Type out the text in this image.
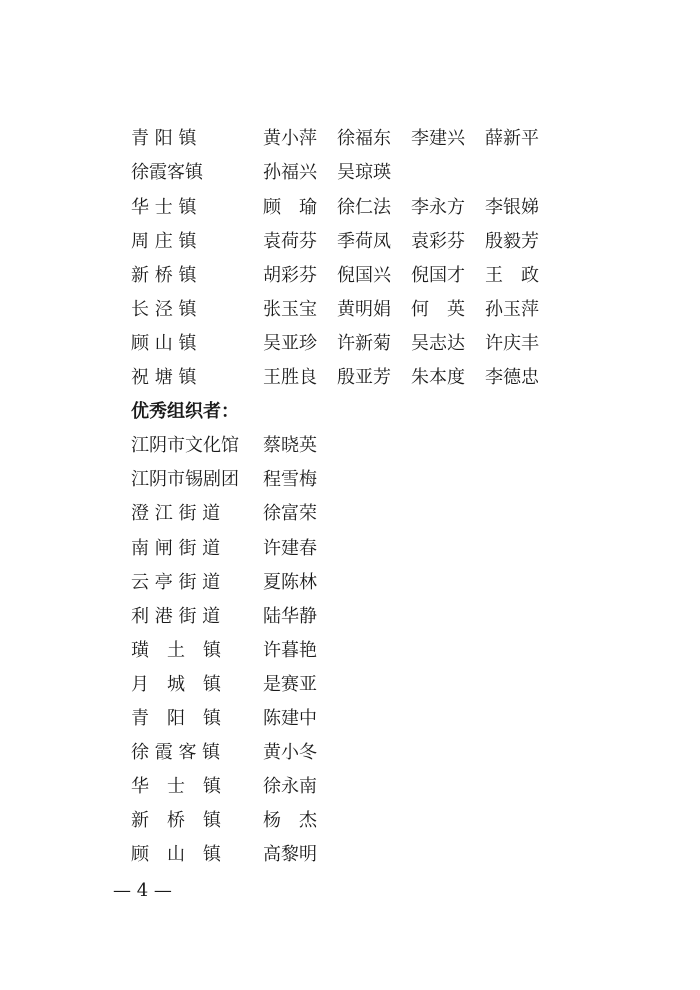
青 阳 镇	黄小萍 徐福东 李建兴 薛新平
徐霞客镇	孙福兴 吴琼瑛
华 士 镇	顾　瑜 徐仁法 李永方 李银娣
周 庄 镇	袁荷芬 季荷凤 袁彩芬 殷毅芳
新 桥 镇	胡彩芬 倪国兴 倪国才 王　政
长 泾 镇	张玉宝 黄明娟 何　英 孙玉萍
顾 山 镇	吴亚珍 许新菊 吴志达 许庆丰
祝 塘 镇	王胜良 殷亚芳 朱本度 李德忠
优秀组织者：
江阴市文化馆 蔡晓英
江阴市锡剧团 程雪梅
澄 江 街 道	徐富荣
南 闸 街 道	许建春
云 亭 街 道	夏陈林
利 港 街 道	陆华静
璜　土　镇	许暮艳
月　城　镇	是赛亚
青　阳　镇	陈建中
徐 霞 客 镇	黄小冬
华　士　镇	徐永南
新　桥　镇	杨　杰
顾　山　镇	高黎明
— 4 —
